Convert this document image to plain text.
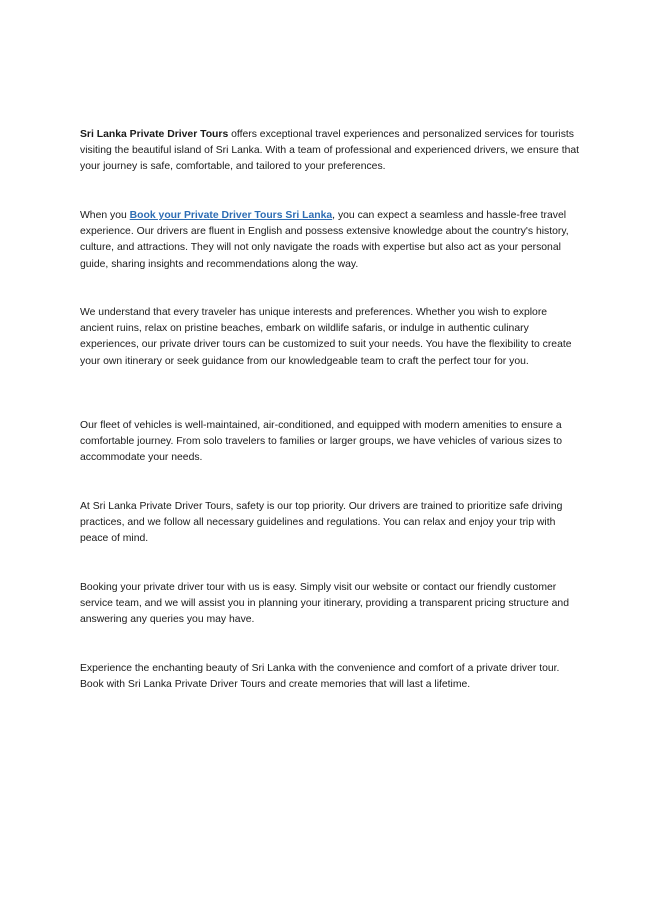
Sri Lanka Private Driver Tours offers exceptional travel experiences and personalized services for tourists visiting the beautiful island of Sri Lanka. With a team of professional and experienced drivers, we ensure that your journey is safe, comfortable, and tailored to your preferences.

When you Book your Private Driver Tours Sri Lanka, you can expect a seamless and hassle-free travel experience. Our drivers are fluent in English and possess extensive knowledge about the country's history, culture, and attractions. They will not only navigate the roads with expertise but also act as your personal guide, sharing insights and recommendations along the way.

We understand that every traveler has unique interests and preferences. Whether you wish to explore ancient ruins, relax on pristine beaches, embark on wildlife safaris, or indulge in authentic culinary experiences, our private driver tours can be customized to suit your needs. You have the flexibility to create your own itinerary or seek guidance from our knowledgeable team to craft the perfect tour for you.

Our fleet of vehicles is well-maintained, air-conditioned, and equipped with modern amenities to ensure a comfortable journey. From solo travelers to families or larger groups, we have vehicles of various sizes to accommodate your needs.

At Sri Lanka Private Driver Tours, safety is our top priority. Our drivers are trained to prioritize safe driving practices, and we follow all necessary guidelines and regulations. You can relax and enjoy your trip with peace of mind.

Booking your private driver tour with us is easy. Simply visit our website or contact our friendly customer service team, and we will assist you in planning your itinerary, providing a transparent pricing structure and answering any queries you may have.

Experience the enchanting beauty of Sri Lanka with the convenience and comfort of a private driver tour. Book with Sri Lanka Private Driver Tours and create memories that will last a lifetime.
